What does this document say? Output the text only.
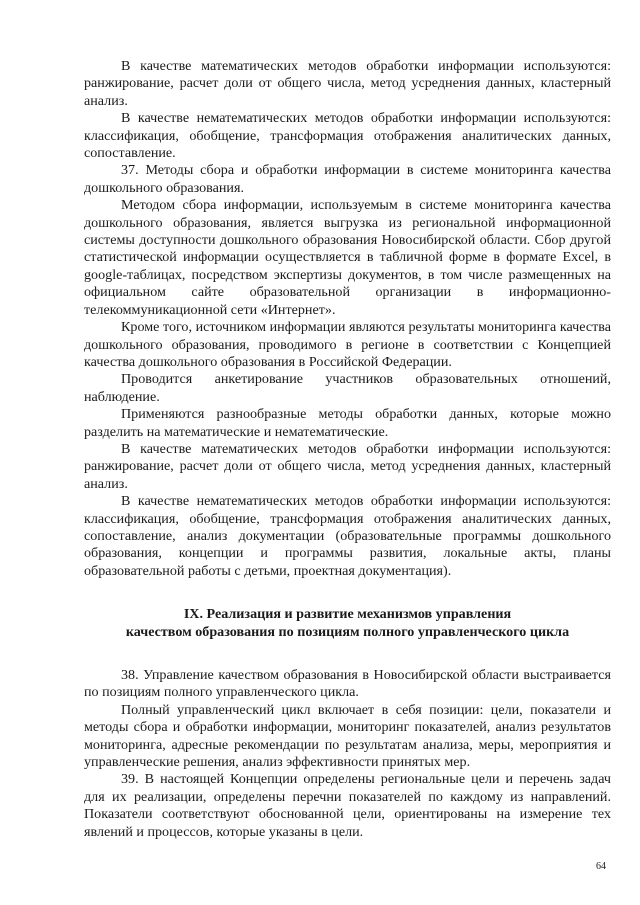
В качестве математических методов обработки информации используются: ранжирование, расчет доли от общего числа, метод усреднения данных, кластерный анализ.

В качестве нематематических методов обработки информации используются: классификация, обобщение, трансформация отображения аналитических данных, сопоставление.

37. Методы сбора и обработки информации в системе мониторинга качества дошкольного образования.

Методом сбора информации, используемым в системе мониторинга качества дошкольного образования, является выгрузка из региональной информационной системы доступности дошкольного образования Новосибирской области. Сбор другой статистической информации осуществляется в табличной форме в формате Excel, в google-таблицах, посредством экспертизы документов, в том числе размещенных на официальном сайте образовательной организации в информационно-телекоммуникационной сети «Интернет».

Кроме того, источником информации являются результаты мониторинга качества дошкольного образования, проводимого в регионе в соответствии с Концепцией качества дошкольного образования в Российской Федерации.

Проводится анкетирование участников образовательных отношений, наблюдение.

Применяются разнообразные методы обработки данных, которые можно разделить на математические и нематематические.

В качестве математических методов обработки информации используются: ранжирование, расчет доли от общего числа, метод усреднения данных, кластерный анализ.

В качестве нематематических методов обработки информации используются: классификация, обобщение, трансформация отображения аналитических данных, сопоставление, анализ документации (образовательные программы дошкольного образования, концепции и программы развития, локальные акты, планы образовательной работы с детьми, проектная документация).

IX. Реализация и развитие механизмов управления
качеством образования по позициям полного управленческого цикла

38. Управление качеством образования в Новосибирской области выстраивается по позициям полного управленческого цикла.

Полный управленческий цикл включает в себя позиции: цели, показатели и методы сбора и обработки информации, мониторинг показателей, анализ результатов мониторинга, адресные рекомендации по результатам анализа, меры, мероприятия и управленческие решения, анализ эффективности принятых мер.

39. В настоящей Концепции определены региональные цели и перечень задач для их реализации, определены перечни показателей по каждому из направлений. Показатели соответствуют обоснованной цели, ориентированы на измерение тех явлений и процессов, которые указаны в цели.

64
